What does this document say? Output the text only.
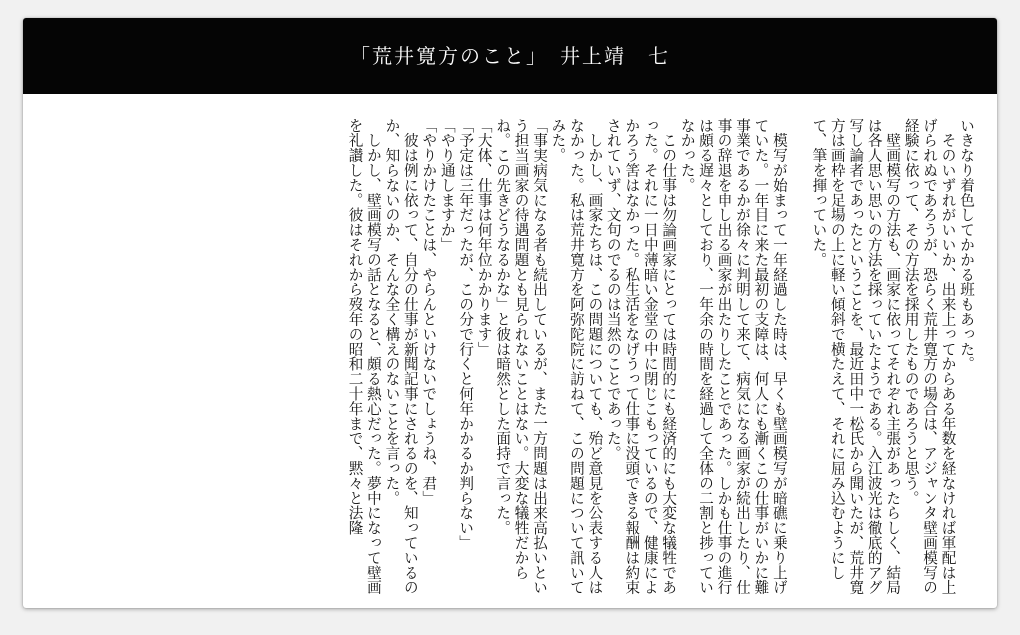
「荒井寛方のこと」　井上靖　七
いきなり着色してかかる班もあった。
　そのいずれがいいか、出来上ってからある年数を経なければ軍配は上げられぬであろうが、恐らく荒井寛方の場合は、アジャンタ壁画模写の経験に依って、その方法を採用したものであろうと思う。
　壁画模写の方法も、画家に依ってそれぞれ主張があったらしく、結局は各人思い思いの方法を採っていたようである。入江波光は徹底的アグ写し論者であったということを、最近田中一松氏から聞いたが、荒井寛方は画枠を足場の上に軽い傾斜で横たえて、それに屈み込むようにして、筆を揮っていた。
　模写が始まって一年経過した時は、早くも壁画模写が暗礁に乗り上げていた。一年目に来た最初の支障は、何人にも漸くこの仕事がいかに難事業であるかが徐々に判明して来て、病気になる画家が続出したり、仕事の辞退を申し出る画家が出たりしたことであった。しかも仕事の進行は頗る遅々としており、一年余の時間を経過して全体の二割と捗っていなかった。
　この仕事は勿論画家にとっては時間的にも経済的にも大変な犠牲であった。それに一日中薄暗い金堂の中に閉じこもっているので、健康によかろう筈はなかった。私生活をなげうって仕事に没頭できる報酬は約束されていず、文句のでるのは当然のことであった。
　しかし、画家たちは、この問題についても、殆ど意見を公表する人はなかった。私は荒井寛方を阿弥陀院に訪ねて、この問題について訊いてみた。
「事実病気になる者も続出しているが、また一方問題は出来高払いという担当画家の待遇問題とも見られないことはない。大変な犠牲だからね。この先きどうなるかな」と彼は暗然とした面持で言った。
「大体、仕事は何年位かかります」
「予定は三年だったが、この分で行くと何年かかるか判らない」
「やり通しますか」
「やりかけたことは、やらんといけないでしょうね、君」
　彼は例に依って、自分の仕事が新聞記事にされるのを、知っているのか、知らないのか、そんな全く構えのないことを言った。
　しかし、壁画模写の話となると、頗る熱心だった。夢中になって壁画を礼讃した。彼はそれから歿年の昭和二十年まで、黙々と法隆
